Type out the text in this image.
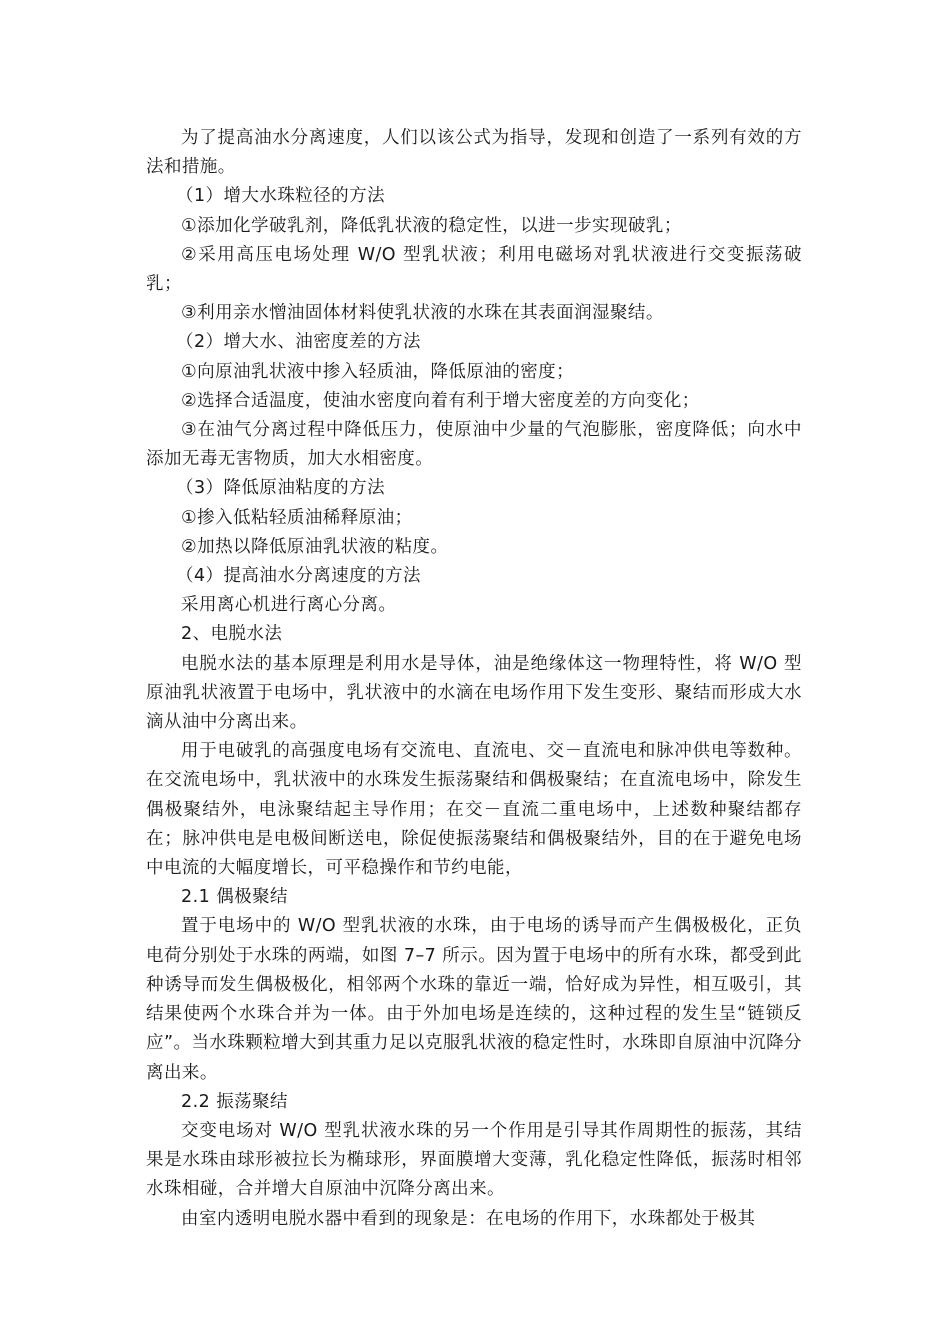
为了提高油水分离速度，人们以该公式为指导，发现和创造了一系列有效的方法和措施。

（1）增大水珠粒径的方法

①添加化学破乳剂，降低乳状液的稳定性，以进一步实现破乳；

②采用高压电场处理 W/O 型乳状液；利用电磁场对乳状液进行交变振荡破乳；

③利用亲水憎油固体材料使乳状液的水珠在其表面润湿聚结。

（2）增大水、油密度差的方法

①向原油乳状液中掺入轻质油，降低原油的密度；

②选择合适温度，使油水密度向着有利于增大密度差的方向变化；

③在油气分离过程中降低压力，使原油中少量的气泡膨胀，密度降低；向水中添加无毒无害物质，加大水相密度。

（3）降低原油粘度的方法

①掺入低粘轻质油稀释原油；

②加热以降低原油乳状液的粘度。

（4）提高油水分离速度的方法

采用离心机进行离心分离。

2、电脱水法

电脱水法的基本原理是利用水是导体，油是绝缘体这一物理特性，将 W/O 型原油乳状液置于电场中，乳状液中的水滴在电场作用下发生变形、聚结而形成大水滴从油中分离出来。

用于电破乳的高强度电场有交流电、直流电、交－直流电和脉冲供电等数种。在交流电场中，乳状液中的水珠发生振荡聚结和偶极聚结；在直流电场中，除发生偶极聚结外，电泳聚结起主导作用；在交－直流二重电场中，上述数种聚结都存在；脉冲供电是电极间断送电，除促使振荡聚结和偶极聚结外，目的在于避免电场中电流的大幅度增长，可平稳操作和节约电能，

2.1 偶极聚结

置于电场中的 W/O 型乳状液的水珠，由于电场的诱导而产生偶极极化，正负电荷分别处于水珠的两端，如图 7–7 所示。因为置于电场中的所有水珠，都受到此种诱导而发生偶极极化，相邻两个水珠的靠近一端，恰好成为异性，相互吸引，其结果使两个水珠合并为一体。由于外加电场是连续的，这种过程的发生呈“链锁反应”。当水珠颗粒增大到其重力足以克服乳状液的稳定性时，水珠即自原油中沉降分离出来。

2.2 振荡聚结

交变电场对 W/O 型乳状液水珠的另一个作用是引导其作周期性的振荡，其结果是水珠由球形被拉长为椭球形，界面膜增大变薄，乳化稳定性降低，振荡时相邻水珠相碰，合并增大自原油中沉降分离出来。

由室内透明电脱水器中看到的现象是：在电场的作用下，水珠都处于极其
